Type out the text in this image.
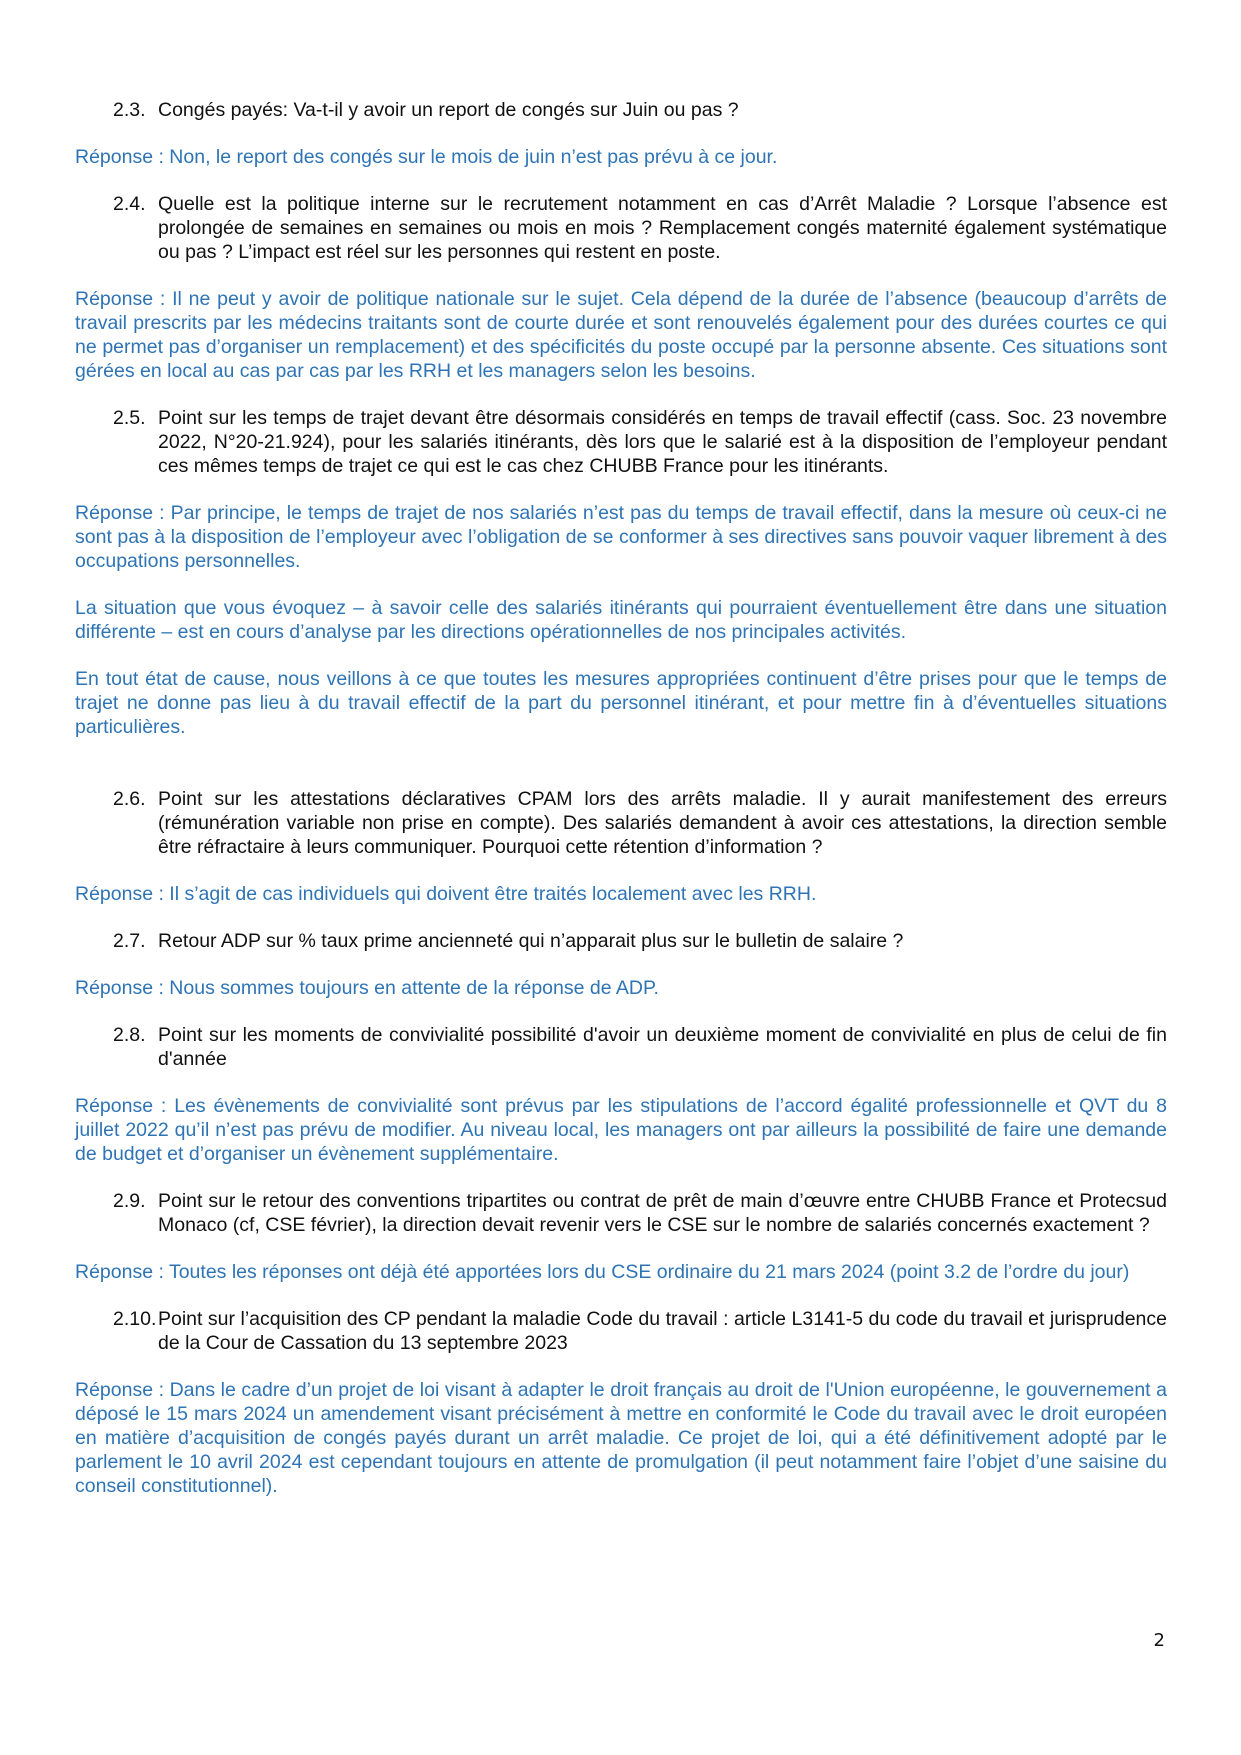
2.3. Congés payés: Va-t-il y avoir un report de congés sur Juin ou pas ?
Réponse : Non, le report des congés sur le mois de juin n’est pas prévu à ce jour.
2.4. Quelle est la politique interne sur le recrutement notamment en cas d’Arrêt Maladie ? Lorsque l’absence est prolongée de semaines en semaines ou mois en mois ? Remplacement congés maternité également systématique ou pas ? L’impact est réel sur les personnes qui restent en poste.
Réponse : Il ne peut y avoir de politique nationale sur le sujet. Cela dépend de la durée de l’absence (beaucoup d’arrêts de travail prescrits par les médecins traitants sont de courte durée et sont renouvelés également pour des durées courtes ce qui ne permet pas d’organiser un remplacement) et des spécificités du poste occupé par la personne absente. Ces situations sont gérées en local au cas par cas par les RRH et les managers selon les besoins.
2.5. Point sur les temps de trajet devant être désormais considérés en temps de travail effectif (cass. Soc. 23 novembre 2022, N°20-21.924), pour les salariés itinérants, dès lors que le salarié est à la disposition de l’employeur pendant ces mêmes temps de trajet ce qui est le cas chez CHUBB France pour les itinérants.
Réponse : Par principe, le temps de trajet de nos salariés n’est pas du temps de travail effectif, dans la mesure où ceux-ci ne sont pas à la disposition de l’employeur avec l’obligation de se conformer à ses directives sans pouvoir vaquer librement à des occupations personnelles.
La situation que vous évoquez – à savoir celle des salariés itinérants qui pourraient éventuellement être dans une situation différente – est en cours d’analyse par les directions opérationnelles de nos principales activités.
En tout état de cause, nous veillons à ce que toutes les mesures appropriées continuent d’être prises pour que le temps de trajet ne donne pas lieu à du travail effectif de la part du personnel itinérant, et pour mettre fin à d’éventuelles situations particulières.
2.6. Point sur les attestations déclaratives CPAM lors des arrêts maladie. Il y aurait manifestement des erreurs (rémunération variable non prise en compte). Des salariés demandent à avoir ces attestations, la direction semble être réfractaire à leurs communiquer. Pourquoi cette rétention d’information ?
Réponse : Il s’agit de cas individuels qui doivent être traités localement avec les RRH.
2.7. Retour ADP sur % taux prime ancienneté qui n’apparait plus sur le bulletin de salaire ?
Réponse : Nous sommes toujours en attente de la réponse de ADP.
2.8. Point sur les moments de convivialité possibilité d'avoir un deuxième moment de convivialité en plus de celui de fin d'année
Réponse : Les évènements de convivialité sont prévus par les stipulations de l’accord égalité professionnelle et QVT du 8 juillet 2022 qu’il n’est pas prévu de modifier. Au niveau local, les managers ont par ailleurs la possibilité de faire une demande de budget et d’organiser un évènement supplémentaire.
2.9. Point sur le retour des conventions tripartites ou contrat de prêt de main d’œuvre entre CHUBB France et Protecsud Monaco (cf, CSE février), la direction devait revenir vers le CSE sur le nombre de salariés concernés exactement ?
Réponse : Toutes les réponses ont déjà été apportées lors du CSE ordinaire du 21 mars 2024 (point 3.2 de l’ordre du jour)
2.10. Point sur l’acquisition des CP pendant la maladie Code du travail : article L3141-5 du code du travail et jurisprudence de la Cour de Cassation du 13 septembre 2023
Réponse : Dans le cadre d’un projet de loi visant à adapter le droit français au droit de l'Union européenne, le gouvernement a déposé le 15 mars 2024 un amendement visant précisément à mettre en conformité le Code du travail avec le droit européen en matière d’acquisition de congés payés durant un arrêt maladie. Ce projet de loi, qui a été définitivement adopté par le parlement le 10 avril 2024 est cependant toujours en attente de promulgation (il peut notamment faire l’objet d’une saisine du conseil constitutionnel).
2
